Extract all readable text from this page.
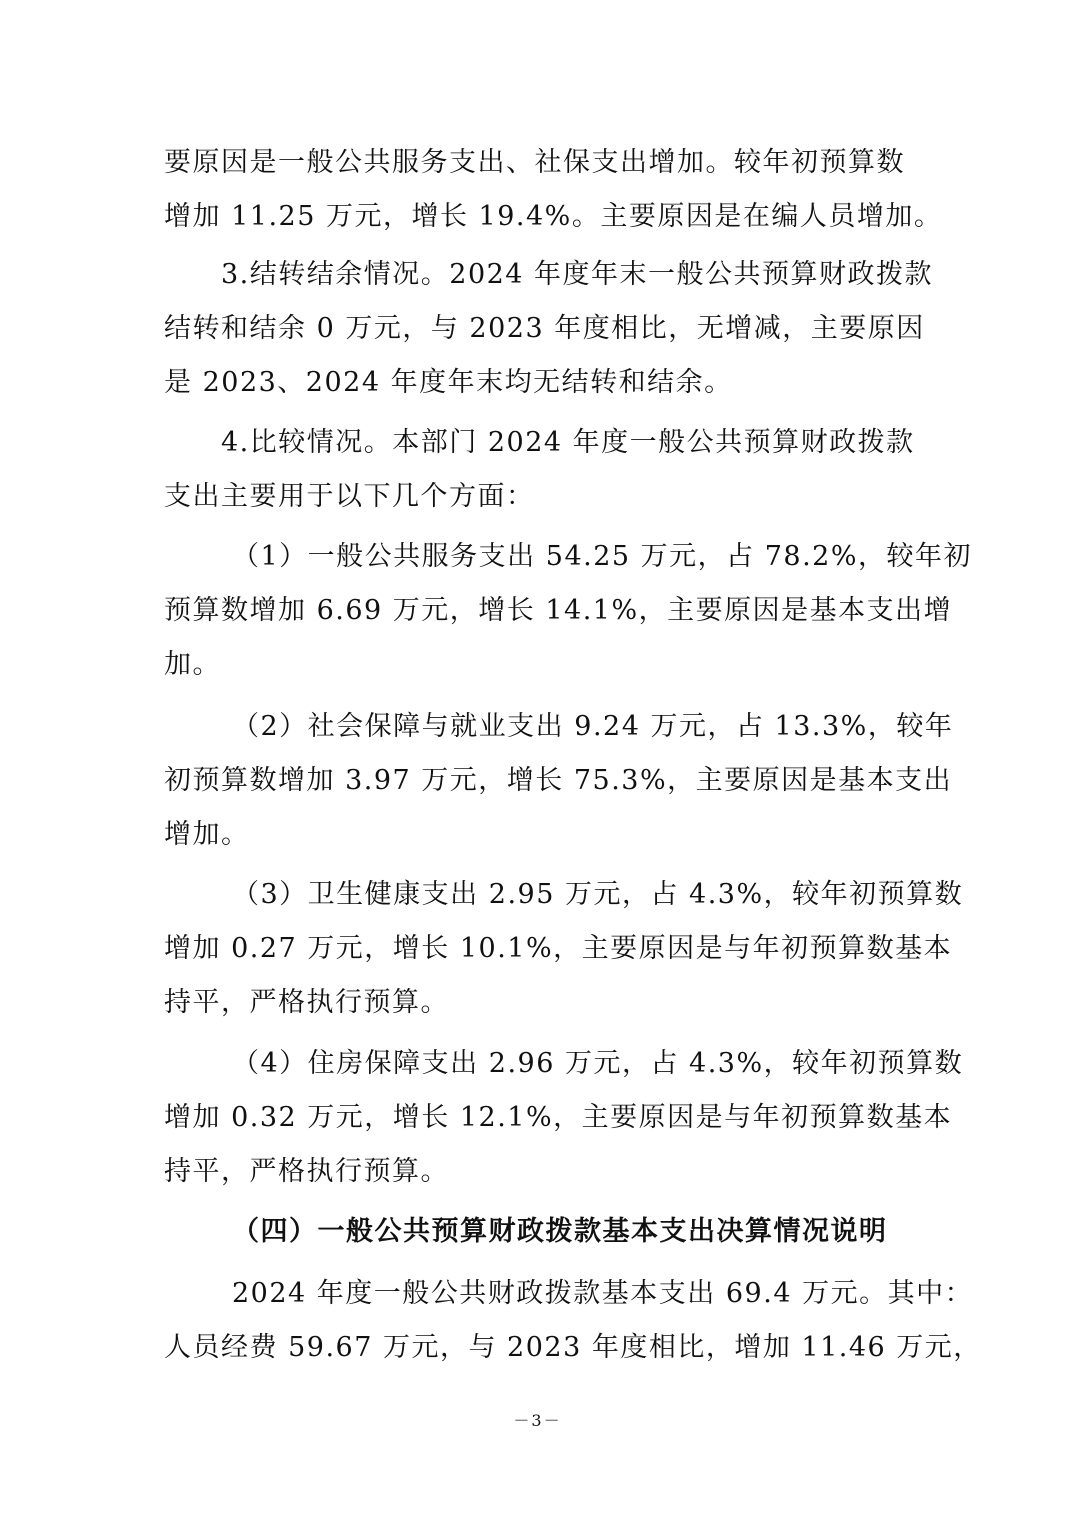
要原因是一般公共服务支出、社保支出增加。较年初预算数
增加 11.25 万元，增长 19.4%。主要原因是在编人员增加。
3.结转结余情况。2024 年度年末一般公共预算财政拨款
结转和结余 0 万元，与 2023 年度相比，无增减，主要原因
是 2023、2024 年度年末均无结转和结余。
4.比较情况。本部门 2024 年度一般公共预算财政拨款
支出主要用于以下几个方面：
（1）一般公共服务支出 54.25 万元，占 78.2%，较年初
预算数增加 6.69 万元，增长 14.1%，主要原因是基本支出增
加。
（2）社会保障与就业支出 9.24 万元，占 13.3%，较年
初预算数增加 3.97 万元，增长 75.3%，主要原因是基本支出
增加。
（3）卫生健康支出 2.95 万元，占 4.3%，较年初预算数
增加 0.27 万元，增长 10.1%，主要原因是与年初预算数基本
持平，严格执行预算。
（4）住房保障支出 2.96 万元，占 4.3%，较年初预算数
增加 0.32 万元，增长 12.1%，主要原因是与年初预算数基本
持平，严格执行预算。
（四）一般公共预算财政拨款基本支出决算情况说明
2024 年度一般公共财政拨款基本支出 69.4 万元。其中：
人员经费 59.67 万元，与 2023 年度相比，增加 11.46 万元，
－3－
